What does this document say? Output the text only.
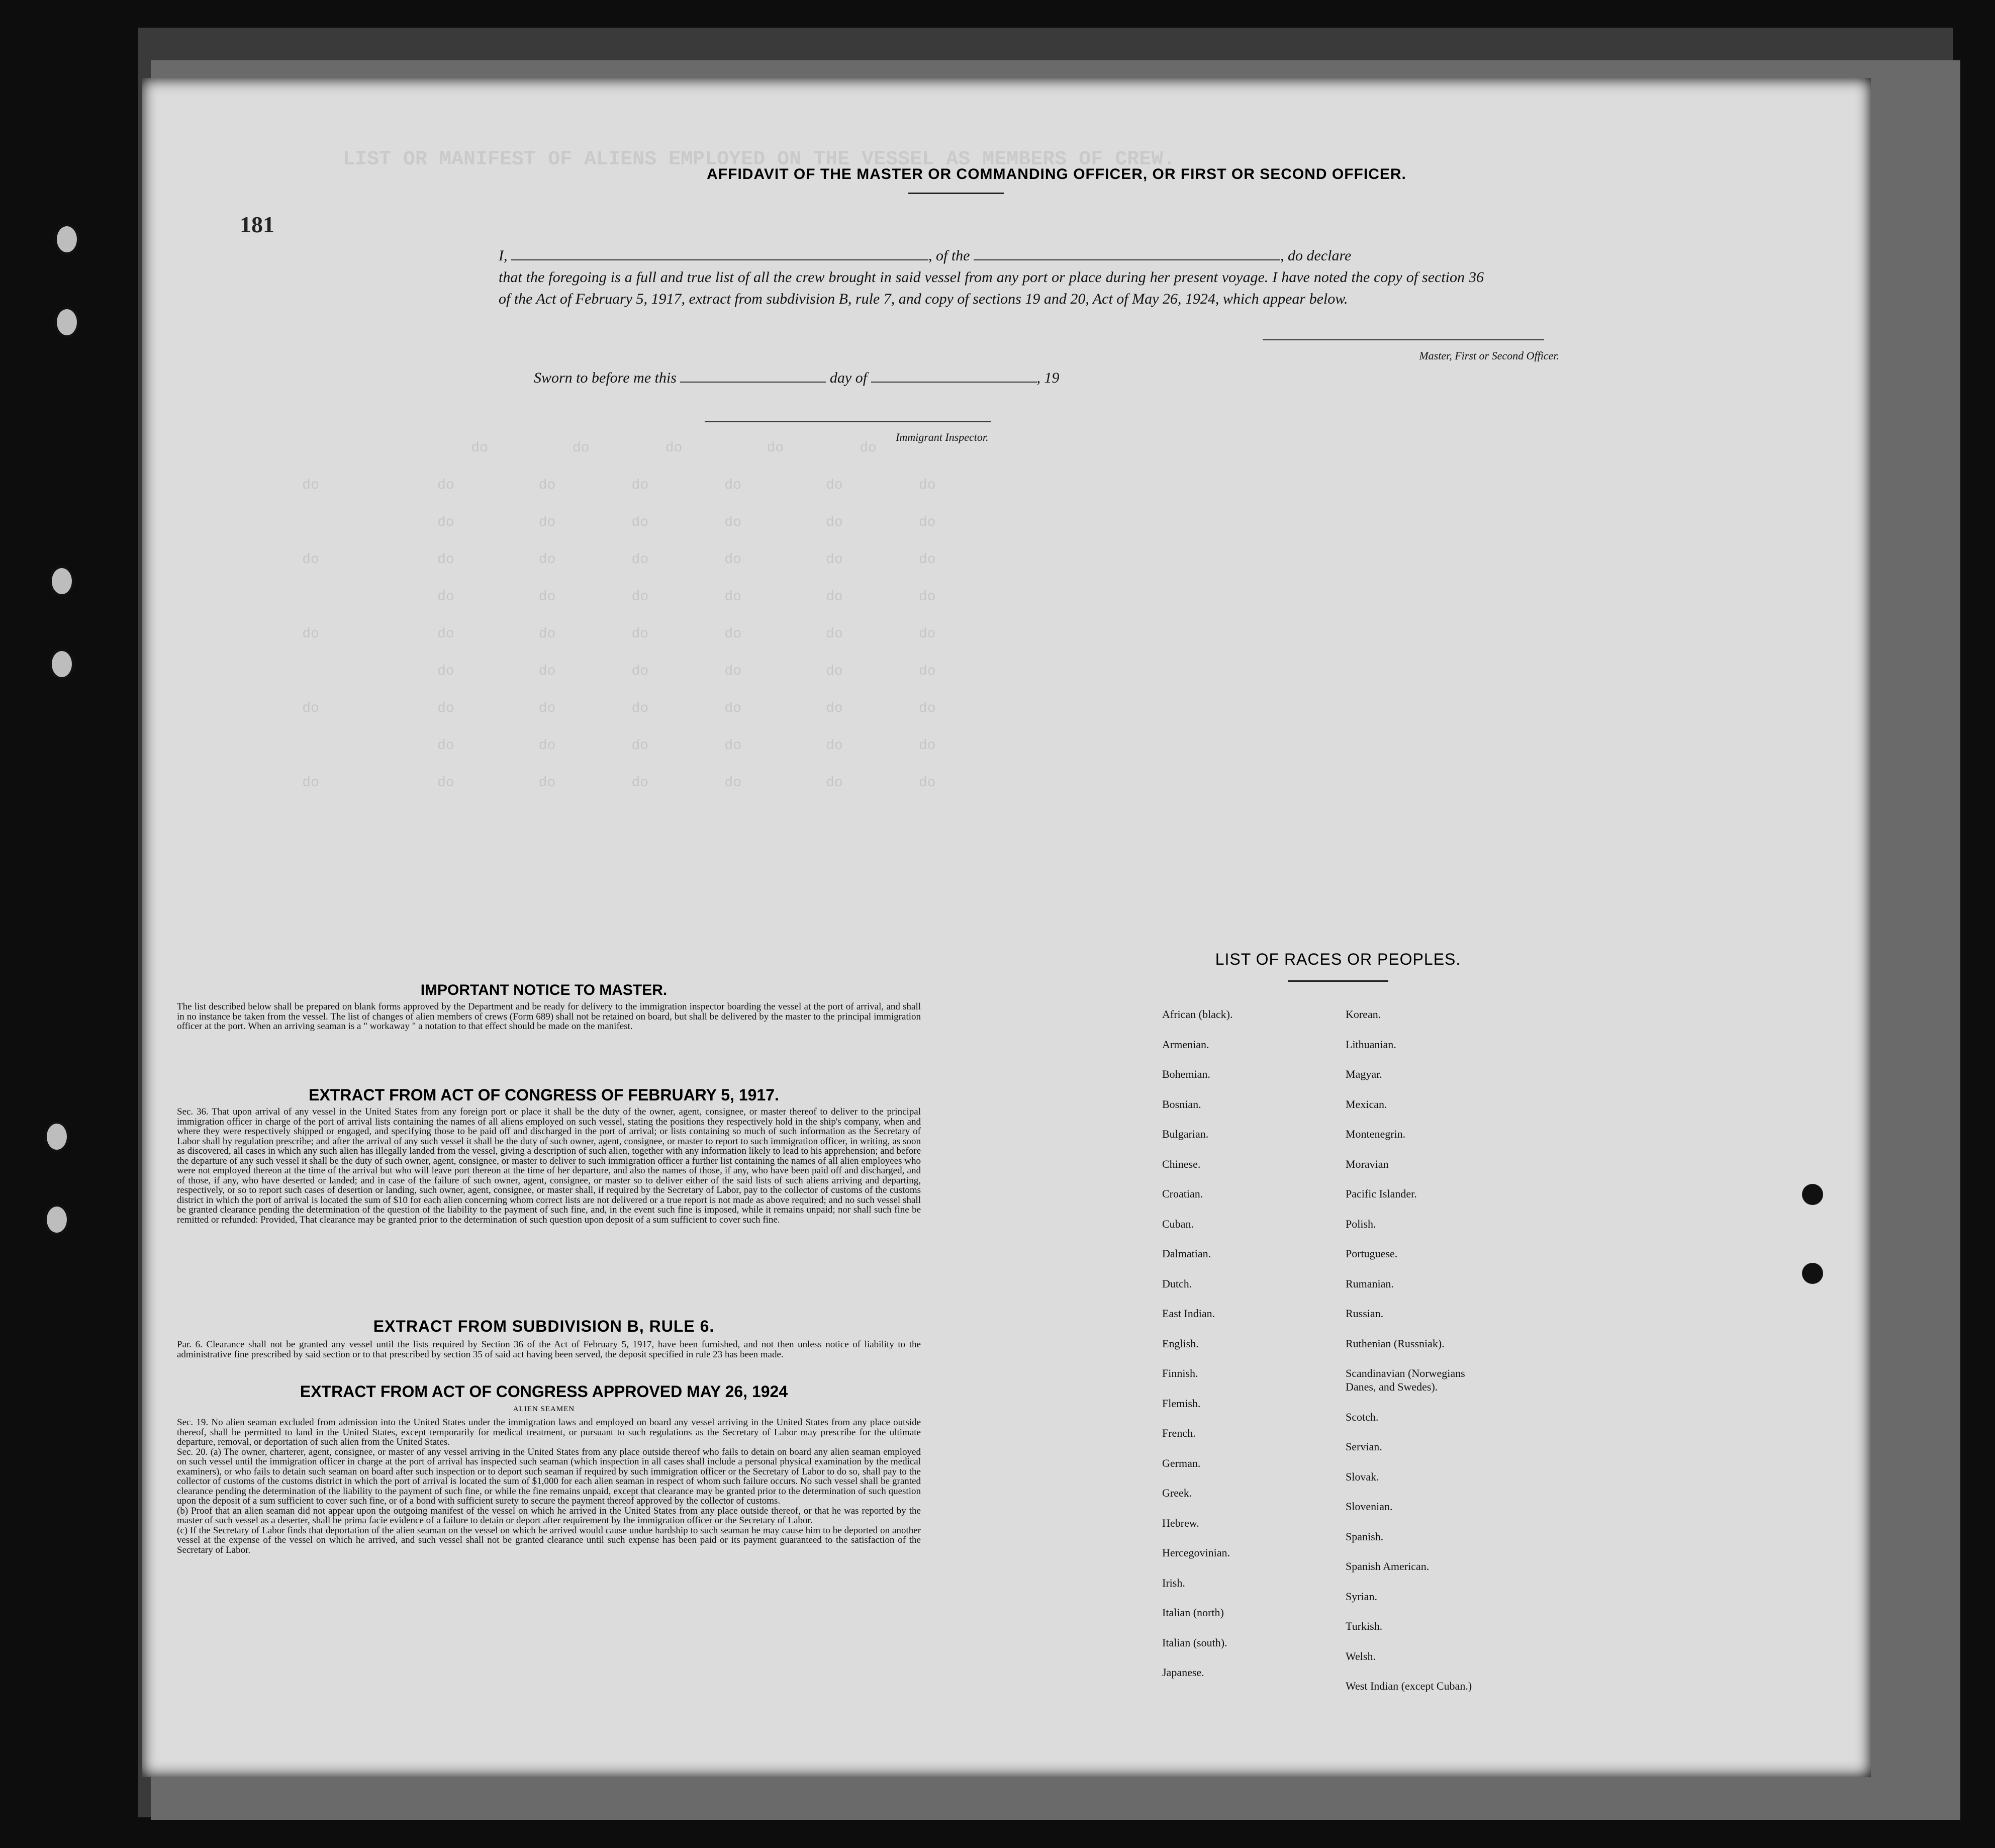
LIST OR MANIFEST OF ALIENS EMPLOYED ON THE VESSEL AS MEMBERS OF CREW.
do          do         do          do         do
do              do          do         do         do          do         do
do          do         do         do          do         do
do              do          do         do         do          do         do
do          do         do         do          do         do
do              do          do         do         do          do         do
do          do         do         do          do         do
do              do          do         do         do          do         do
do          do         do         do          do         do
do              do          do         do         do          do         do
AFFIDAVIT OF THE MASTER OR COMMANDING OFFICER, OR FIRST OR SECOND OFFICER.
181
I,	, of the	, do declare
that the foregoing is a full and true list of all the crew brought in said vessel from any port or place during her present voyage. I have noted the copy of section 36 of the Act of February 5, 1917, extract from subdivision B, rule 7, and copy of sections 19 and 20, Act of May 26, 1924, which appear below.
Master, First or Second Officer.
Sworn to before me this	day of	, 19
Immigrant Inspector.
IMPORTANT NOTICE TO MASTER.
The list described below shall be prepared on blank forms approved by the Department and be ready for delivery to the immigration inspector boarding the vessel at the port of arrival, and shall in no instance be taken from the vessel. The list of changes of alien members of crews (Form 689) shall not be retained on board, but shall be delivered by the master to the principal immigration officer at the port. When an arriving seaman is a " workaway " a notation to that effect should be made on the manifest.
EXTRACT FROM ACT OF CONGRESS OF FEBRUARY 5, 1917.
Sec. 36. That upon arrival of any vessel in the United States from any foreign port or place it shall be the duty of the owner, agent, consignee, or master thereof to deliver to the principal immigration officer in charge of the port of arrival lists containing the names of all aliens employed on such vessel, stating the positions they respectively hold in the ship's company, when and where they were respectively shipped or engaged, and specifying those to be paid off and discharged in the port of arrival; or lists containing so much of such information as the Secretary of Labor shall by regulation prescribe; and after the arrival of any such vessel it shall be the duty of such owner, agent, consignee, or master to report to such immigration officer, in writing, as soon as discovered, all cases in which any such alien has illegally landed from the vessel, giving a description of such alien, together with any information likely to lead to his apprehension; and before the departure of any such vessel it shall be the duty of such owner, agent, consignee, or master to deliver to such immigration officer a further list containing the names of all alien employees who were not employed thereon at the time of the arrival but who will leave port thereon at the time of her departure, and also the names of those, if any, who have been paid off and discharged, and of those, if any, who have deserted or landed; and in case of the failure of such owner, agent, consignee, or master so to deliver either of the said lists of such aliens arriving and departing, respectively, or so to report such cases of desertion or landing, such owner, agent, consignee, or master shall, if required by the Secretary of Labor, pay to the collector of customs of the customs district in which the port of arrival is located the sum of $10 for each alien concerning whom correct lists are not delivered or a true report is not made as above required; and no such vessel shall be granted clearance pending the determination of the question of the liability to the payment of such fine, and, in the event such fine is imposed, while it remains unpaid; nor shall such fine be remitted or refunded: Provided, That clearance may be granted prior to the determination of such question upon deposit of a sum sufficient to cover such fine.
EXTRACT FROM SUBDIVISION B, RULE 6.
Par. 6. Clearance shall not be granted any vessel until the lists required by Section 36 of the Act of February 5, 1917, have been furnished, and not then unless notice of liability to the administrative fine prescribed by said section or to that prescribed by section 35 of said act having been served, the deposit specified in rule 23 has been made.
EXTRACT FROM ACT OF CONGRESS APPROVED MAY 26, 1924
ALIEN SEAMEN
Sec. 19. No alien seaman excluded from admission into the United States under the immigration laws and employed on board any vessel arriving in the United States from any place outside thereof, shall be permitted to land in the United States, except temporarily for medical treatment, or pursuant to such regulations as the Secretary of Labor may prescribe for the ultimate departure, removal, or deportation of such alien from the United States.
Sec. 20. (a) The owner, charterer, agent, consignee, or master of any vessel arriving in the United States from any place outside thereof who fails to detain on board any alien seaman employed on such vessel until the immigration officer in charge at the port of arrival has inspected such seaman (which inspection in all cases shall include a personal physical examination by the medical examiners), or who fails to detain such seaman on board after such inspection or to deport such seaman if required by such immigration officer or the Secretary of Labor to do so, shall pay to the collector of customs of the customs district in which the port of arrival is located the sum of $1,000 for each alien seaman in respect of whom such failure occurs. No such vessel shall be granted clearance pending the determination of the liability to the payment of such fine, or while the fine remains unpaid, except that clearance may be granted prior to the determination of such question upon the deposit of a sum sufficient to cover such fine, or of a bond with sufficient surety to secure the payment thereof approved by the collector of customs.
(b) Proof that an alien seaman did not appear upon the outgoing manifest of the vessel on which he arrived in the United States from any place outside thereof, or that he was reported by the master of such vessel as a deserter, shall be prima facie evidence of a failure to detain or deport after requirement by the immigration officer or the Secretary of Labor.
(c) If the Secretary of Labor finds that deportation of the alien seaman on the vessel on which he arrived would cause undue hardship to such seaman he may cause him to be deported on another vessel at the expense of the vessel on which he arrived, and such vessel shall not be granted clearance until such expense has been paid or its payment guaranteed to the satisfaction of the Secretary of Labor.
LIST OF RACES OR PEOPLES.
African (black).
Armenian.
Bohemian.
Bosnian.
Bulgarian.
Chinese.
Croatian.
Cuban.
Dalmatian.
Dutch.
East Indian.
English.
Finnish.
Flemish.
French.
German.
Greek.
Hebrew.
Hercegovinian.
Irish.
Italian (north)
Italian (south).
Japanese.
Korean.
Lithuanian.
Magyar.
Mexican.
Montenegrin.
Moravian
Pacific Islander.
Polish.
Portuguese.
Rumanian.
Russian.
Ruthenian (Russniak).
Scandinavian (Norwegians
Danes, and Swedes).
Scotch.
Servian.
Slovak.
Slovenian.
Spanish.
Spanish American.
Syrian.
Turkish.
Welsh.
West Indian (except Cuban.)
